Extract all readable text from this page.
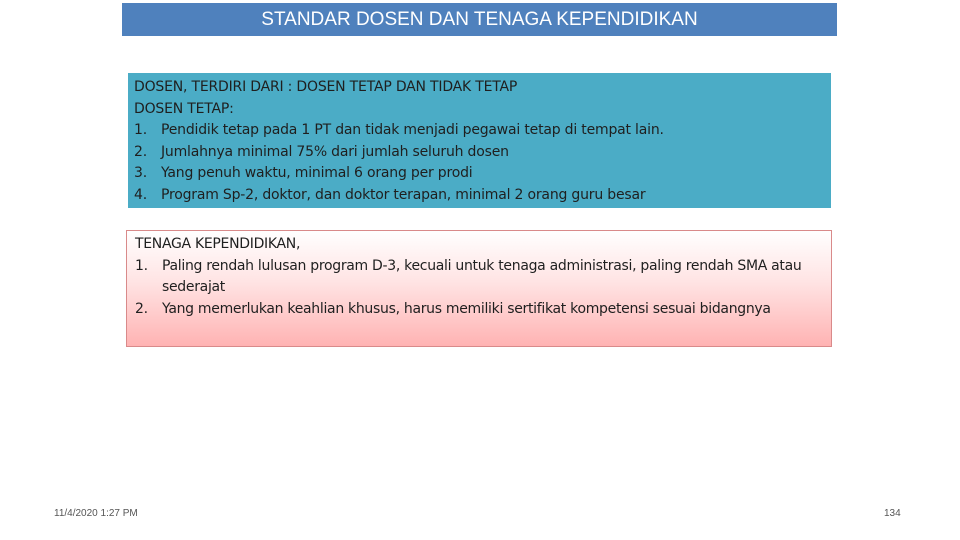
STANDAR DOSEN DAN TENAGA KEPENDIDIKAN
DOSEN, TERDIRI DARI : DOSEN TETAP DAN TIDAK TETAP
DOSEN TETAP:
1. Pendidik tetap pada 1 PT dan tidak menjadi pegawai tetap di tempat lain.
2. Jumlahnya minimal 75% dari jumlah seluruh dosen
3. Yang penuh waktu, minimal 6 orang per prodi
4. Program Sp-2, doktor, dan doktor terapan, minimal 2 orang guru besar
TENAGA KEPENDIDIKAN,
1. Paling rendah lulusan program D-3, kecuali untuk tenaga administrasi, paling rendah SMA atau sederajat
2. Yang memerlukan keahlian khusus, harus memiliki sertifikat kompetensi sesuai bidangnya
11/4/2020 1:27 PM	134
